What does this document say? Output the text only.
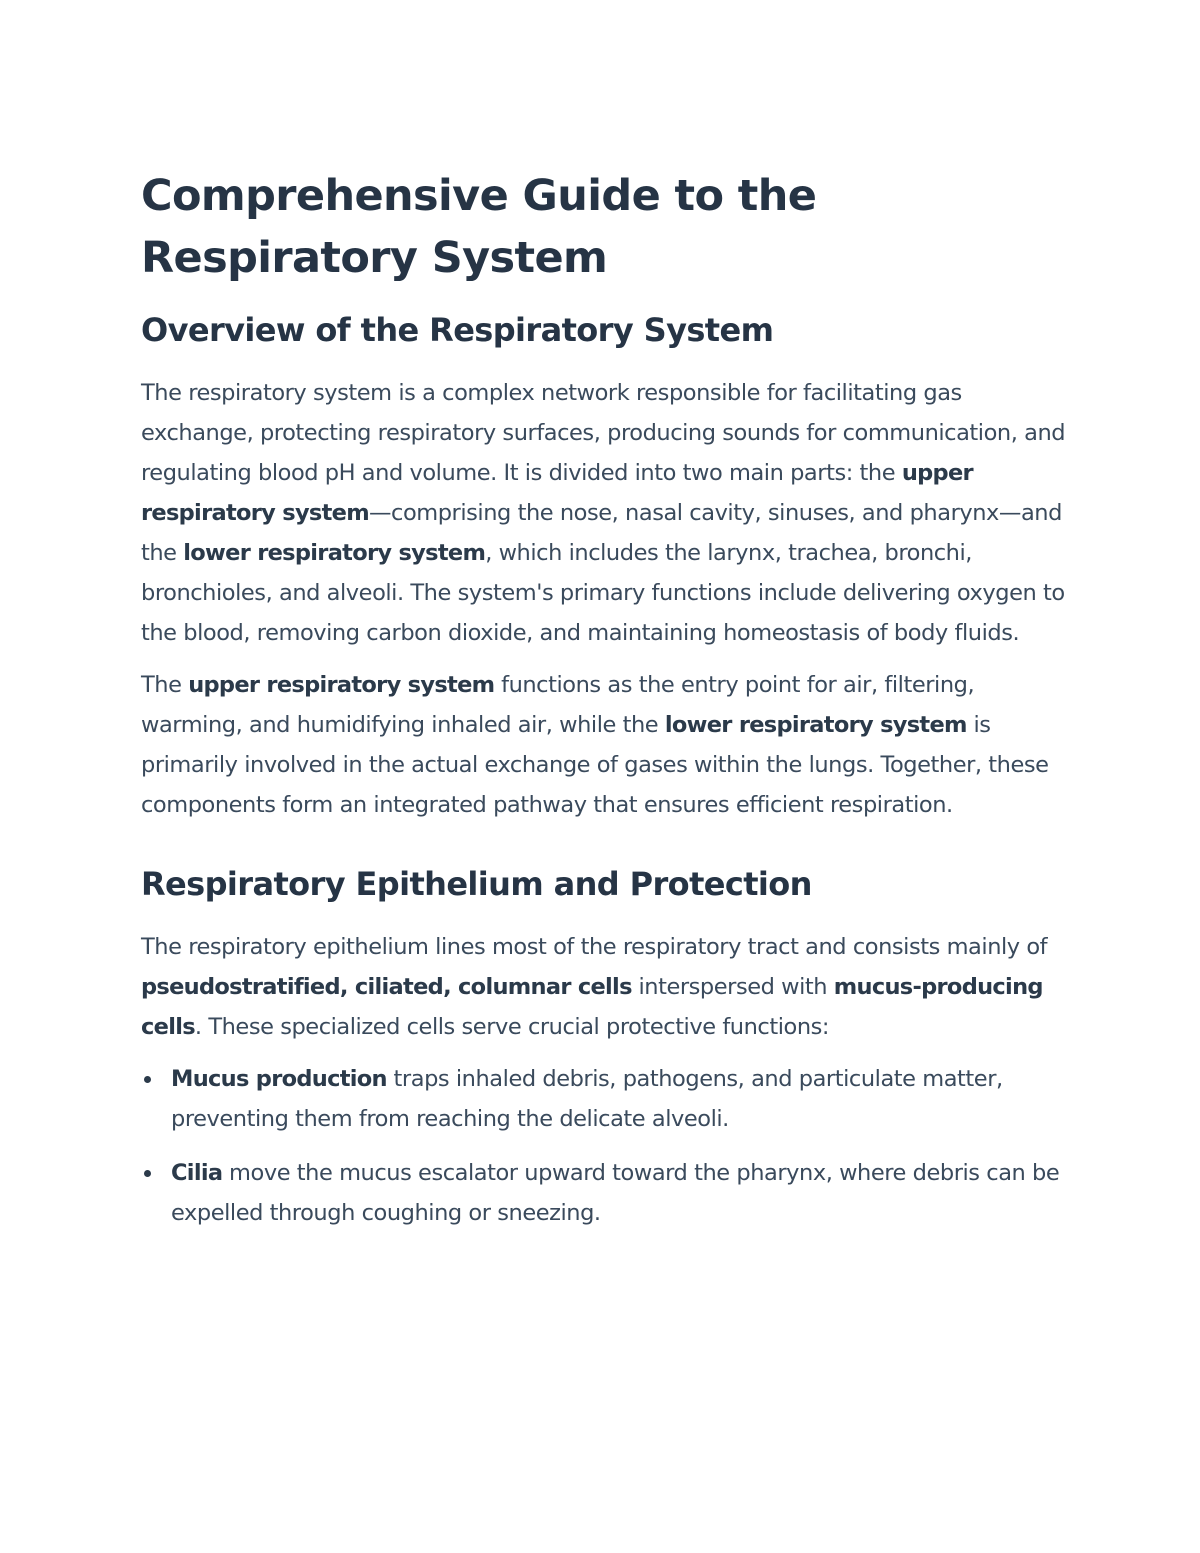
Comprehensive Guide to the Respiratory System
Overview of the Respiratory System

The respiratory system is a complex network responsible for facilitating gas exchange, protecting respiratory surfaces, producing sounds for communication, and regulating blood pH and volume. It is divided into two main parts: the upper respiratory system—comprising the nose, nasal cavity, sinuses, and pharynx—and the lower respiratory system, which includes the larynx, trachea, bronchi, bronchioles, and alveoli. The system's primary functions include delivering oxygen to the blood, removing carbon dioxide, and maintaining homeostasis of body fluids.

The upper respiratory system functions as the entry point for air, filtering, warming, and humidifying inhaled air, while the lower respiratory system is primarily involved in the actual exchange of gases within the lungs. Together, these components form an integrated pathway that ensures efficient respiration.

Respiratory Epithelium and Protection

The respiratory epithelium lines most of the respiratory tract and consists mainly of pseudostratified, ciliated, columnar cells interspersed with mucus-producing cells. These specialized cells serve crucial protective functions:

Mucus production traps inhaled debris, pathogens, and particulate matter, preventing them from reaching the delicate alveoli.
Cilia move the mucus escalator upward toward the pharynx, where debris can be expelled through coughing or sneezing.
